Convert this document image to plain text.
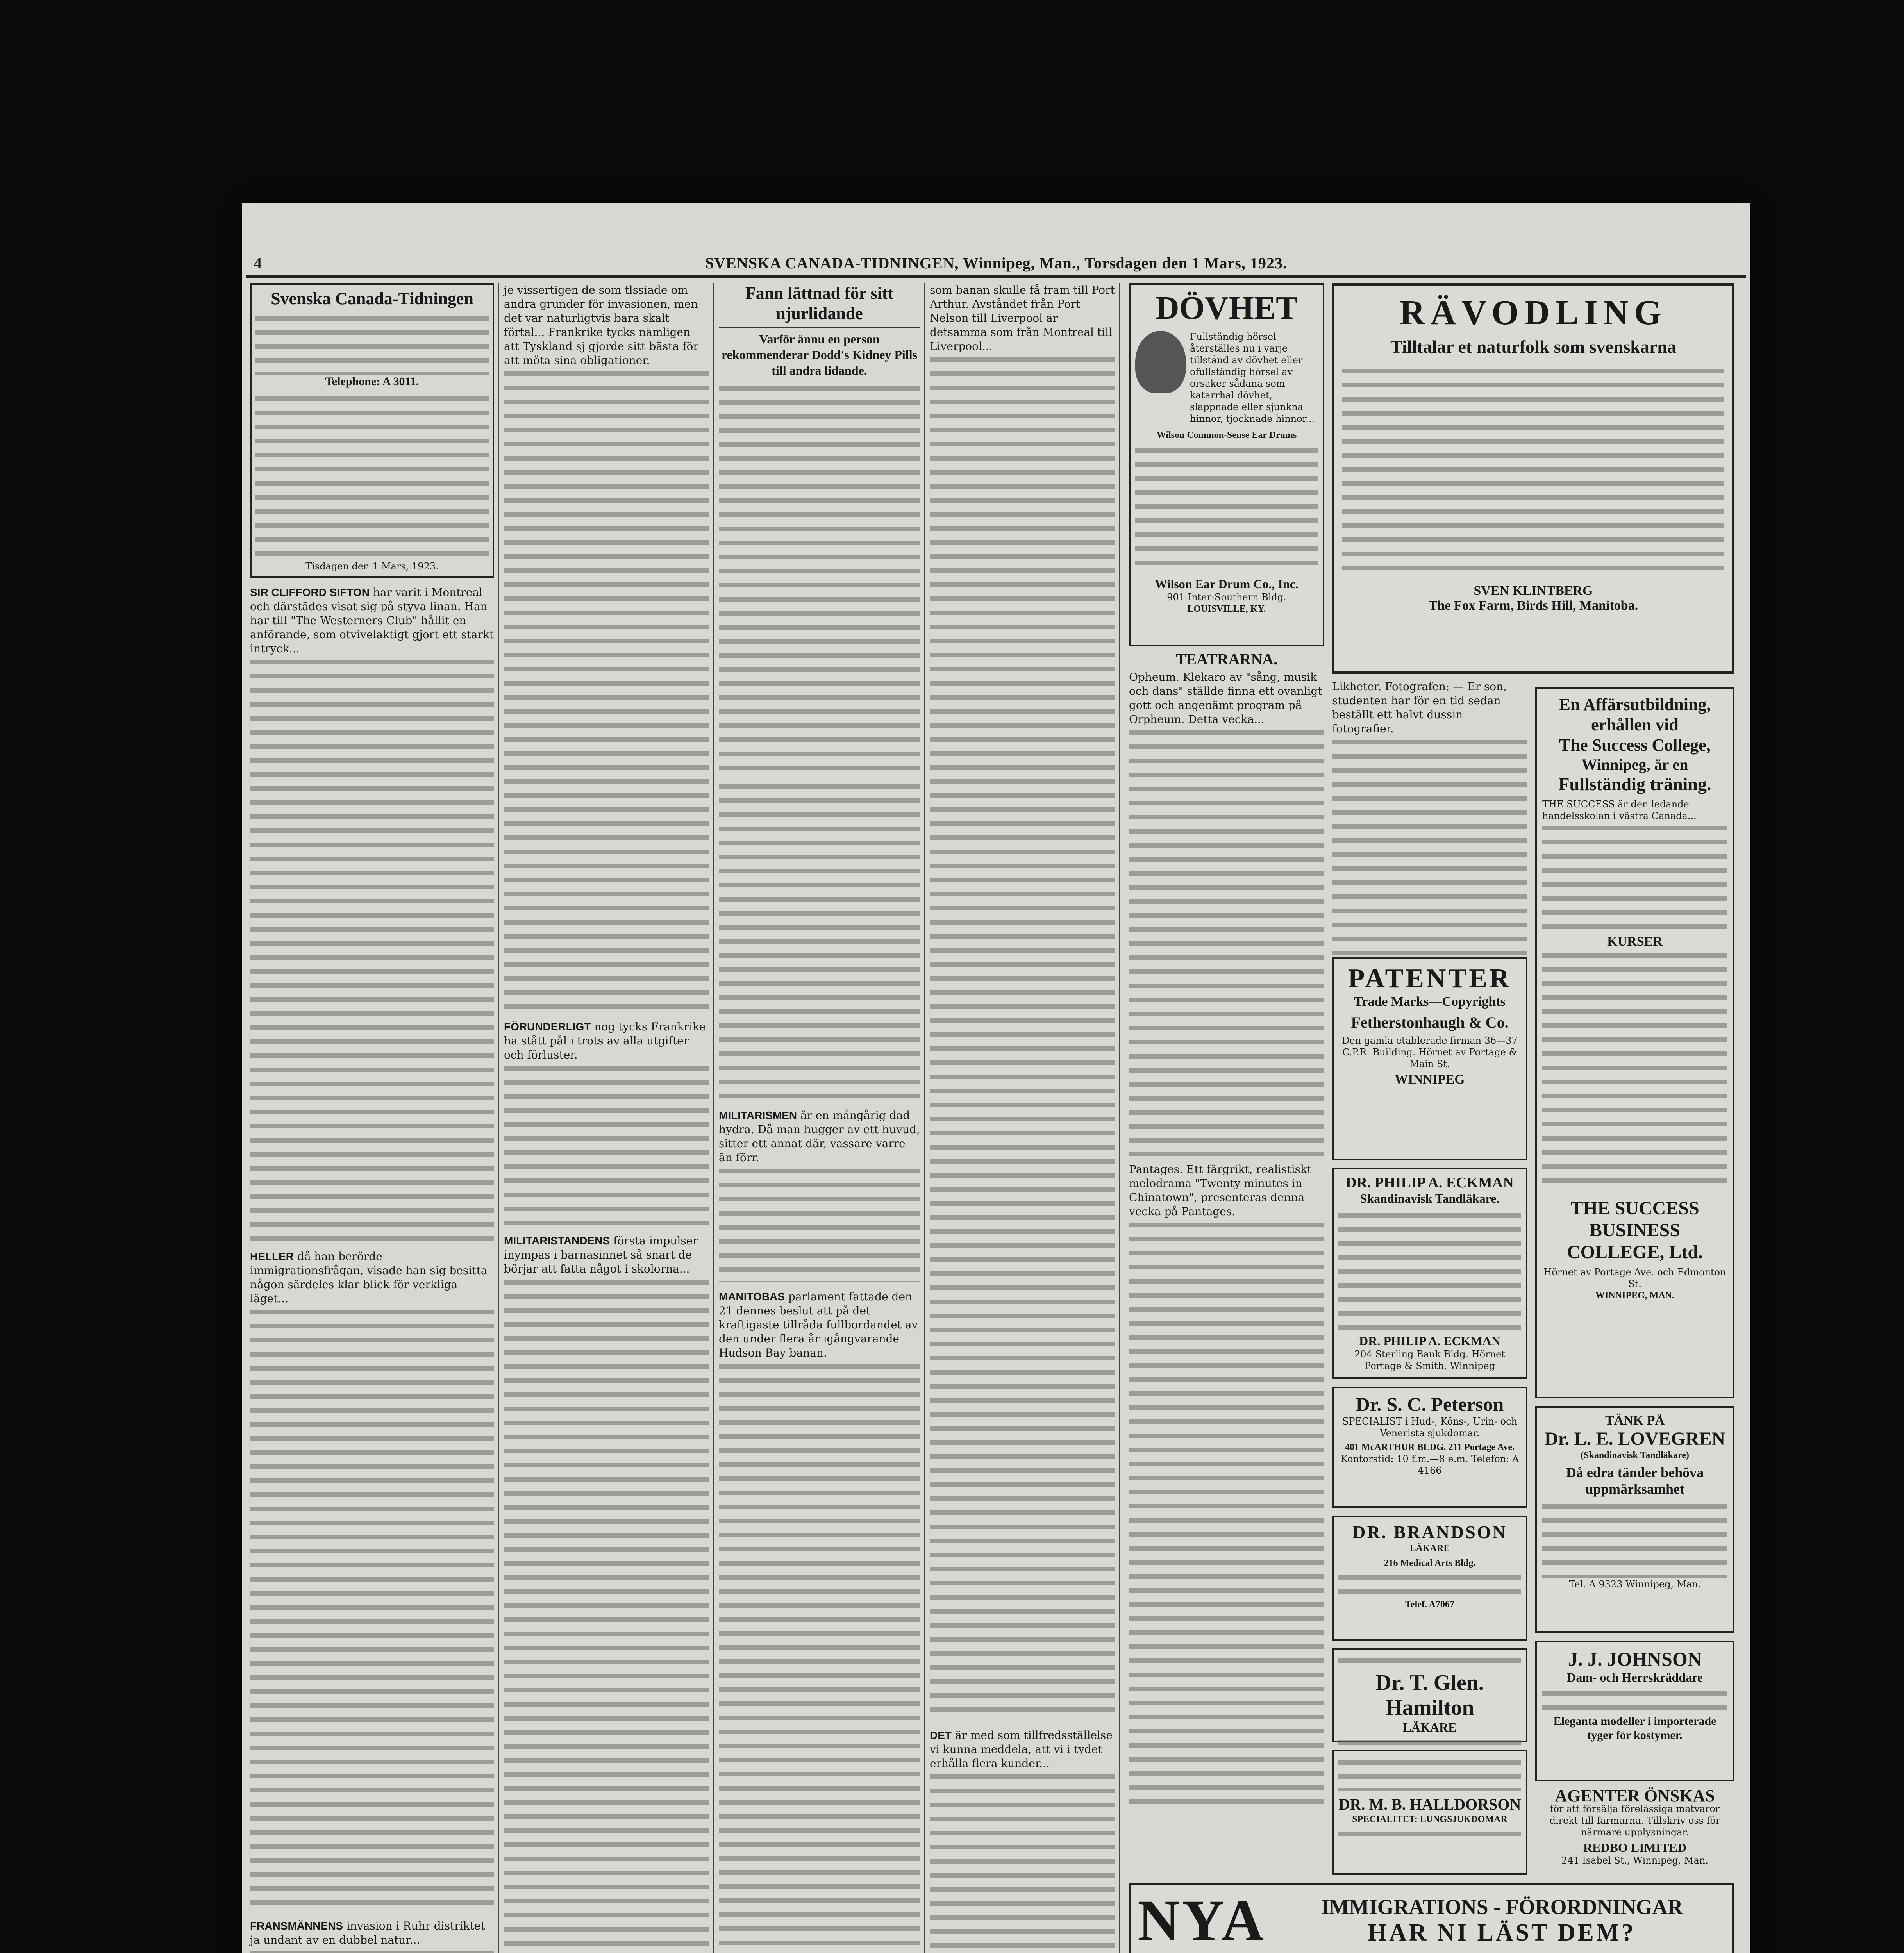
4	SVENSKA CANADA-TIDNINGEN, Winnipeg, Man., Torsdagen den 1 Mars, 1923.
Svenska Canada-Tidningen
Telephone: A 3011.
Tisdagen den 1 Mars, 1923.
SIR CLIFFORD SIFTON har varit i Montreal och därstädes visat sig på styva linan. Han har till "The Westerners Club" hållit en anförande, som otvivelaktigt gjort ett starkt intryck...
HELLER då han berörde immigrationsfrågan, visade han sig besitta någon särdeles klar blick för verkliga läget...
FRANSMÄNNENS invasion i Ruhr distriktet ja undant av en dubbel natur...
je vissertigen de som tlssiade om andra grunder för invasionen, men det var naturligtvis bara skalt förtal... Frankrike tycks nämligen att Tyskland sj gjorde sitt bästa för att möta sina obligationer.
FÖRUNDERLIGT nog tycks Frankrike ha stått pål i trots av alla utgifter och förluster.
MILITARISTANDENS första impulser inympas i barnasinnet så snart de börjar att fatta något i skolorna...
Fann lättnad för sitt njurlidande
Varför ännu en person rekommenderar Dodd's Kidney Pills till andra lidande.
MILITARISMEN är en mångårig dad hydra. Då man hugger av ett huvud, sitter ett annat där, vassare varre än förr.
MANITOBAS parlament fattade den 21 dennes beslut att på det kraftigaste tillråda fullbordandet av den under flera år igångvarande Hudson Bay banan.
som banan skulle få fram till Port Arthur. Avståndet från Port Nelson till Liverpool är detsamma som från Montreal till Liverpool...
DET är med som tillfredsställelse vi kunna meddela, att vi i tydet erhålla flera kunder...
DÖVHET
Fullständig hörsel återställes nu i varje tillstånd av dövhet eller ofullständig hörsel av orsaker sådana som katarrhal dövhet, slappnade eller sjunkna hinnor, tjocknade hinnor...
Wilson Common-Sense Ear Drums
Wilson Ear Drum Co., Inc.
901 Inter-Southern Bldg.
LOUISVILLE, KY.
RÄVODLING
Tilltalar et naturfolk som svenskarna
SVEN KLINTBERG
The Fox Farm, Birds Hill, Manitoba.
TEATRARNA.
Opheum. Klekaro av "sång, musik och dans" ställde finna ett ovanligt gott och angenämt program på Orpheum. Detta vecka...
Pantages. Ett färgrikt, realistiskt melodrama "Twenty minutes in Chinatown", presenteras denna vecka på Pantages.
Likheter. Fotografen: — Er son, studenten har för en tid sedan beställt ett halvt dussin fotografier.
PATENTER
Trade Marks—Copyrights
Fetherstonhaugh & Co.
Den gamla etablerade firman 36—37 C.P.R. Building. Hörnet av Portage & Main St.
WINNIPEG
DR. PHILIP A. ECKMAN
Skandinavisk Tandläkare.
DR. PHILIP A. ECKMAN
204 Sterling Bank Bldg. Hörnet Portage & Smith, Winnipeg
Dr. S. C. Peterson
SPECIALIST i Hud-, Köns-, Urin- och Venerista sjukdomar.
401 McARTHUR BLDG. 211 Portage Ave.
Kontorstid: 10 f.m.—8 e.m. Telefon: A 4166
DR. BRANDSON
LÄKARE
216 Medical Arts Bldg.
Telef. A7067
Dr. T. Glen. Hamilton
LÄKARE
DR. M. B. HALLDORSON
SPECIALITET: LUNGSJUKDOMAR
En Affärsutbildning, erhållen vid
The Success College,
Winnipeg, är en
Fullständig träning.
THE SUCCESS är den ledande handelsskolan i västra Canada...
KURSER
THE SUCCESS BUSINESS COLLEGE, Ltd.
Hörnet av Portage Ave. och Edmonton St.
WINNIPEG, MAN.
TÄNK PÅ
Dr. L. E. LOVEGREN
(Skandinavisk Tandläkare)
Då edra tänder behöva uppmärksamhet
Tel. A 9323 Winnipeg, Man.
J. J. JOHNSON
Dam- och Herrskräddare
Eleganta modeller i importerade tyger för kostymer.
AGENTER ÖNSKAS
för att försälja förelässiga matvaror direkt till farmarna. Tillskriv oss för närmare upplysningar.
REDBO LIMITED
241 Isabel St., Winnipeg, Man.
NYA	IMMIGRATIONS - FÖRORDNINGAR
HAR NI LÄST DEM?
